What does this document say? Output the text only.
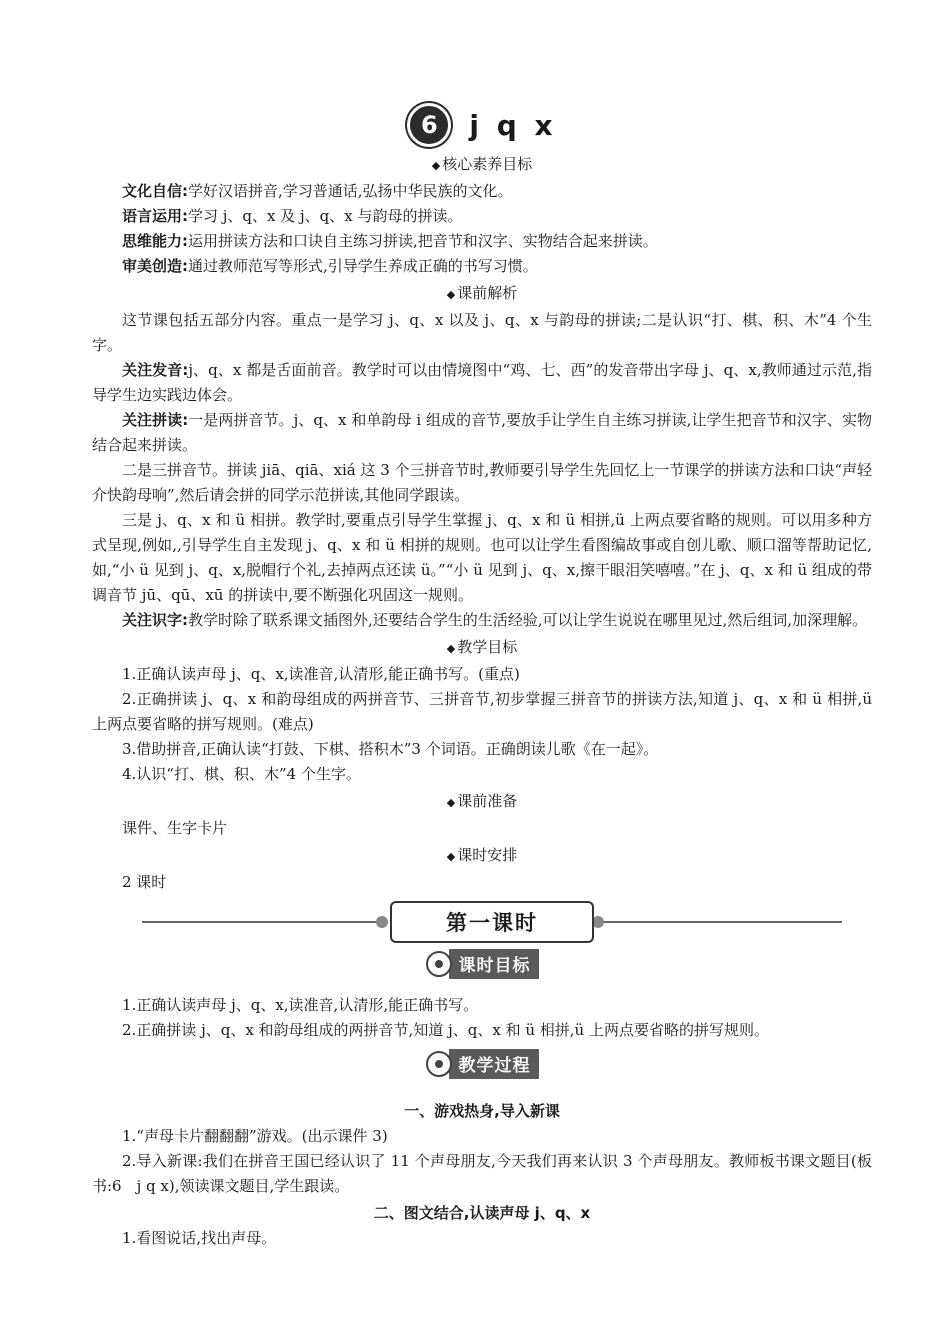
6	j q x
◆ 核心素养目标

文化自信:学好汉语拼音,学习普通话,弘扬中华民族的文化。

语言运用:学习 j、q、x 及 j、q、x 与韵母的拼读。

思维能力:运用拼读方法和口诀自主练习拼读,把音节和汉字、实物结合起来拼读。

审美创造:通过教师范写等形式,引导学生养成正确的书写习惯。

◆ 课前解析

这节课包括五部分内容。重点一是学习 j、q、x 以及 j、q、x 与韵母的拼读;二是认识“打、棋、积、木”4 个生字。

关注发音:j、q、x 都是舌面前音。教学时可以由情境图中“鸡、七、西”的发音带出字母 j、q、x,教师通过示范,指导学生边实践边体会。

关注拼读:一是两拼音节。j、q、x 和单韵母 i 组成的音节,要放手让学生自主练习拼读,让学生把音节和汉字、实物结合起来拼读。

二是三拼音节。拼读 jiā、qiā、xiá 这 3 个三拼音节时,教师要引导学生先回忆上一节课学的拼读方法和口诀“声轻介快韵母响”,然后请会拼的同学示范拼读,其他同学跟读。

三是 j、q、x 和 ü 相拼。教学时,要重点引导学生掌握 j、q、x 和 ü 相拼,ü 上两点要省略的规则。可以用多种方式呈现,例如,,引导学生自主发现 j、q、x 和 ü 相拼的规则。也可以让学生看图编故事或自创儿歌、顺口溜等帮助记忆,如,“小 ü 见到 j、q、x,脱帽行个礼,去掉两点还读 ü。”“小 ü 见到 j、q、x,擦干眼泪笑嘻嘻。”在 j、q、x 和 ü 组成的带调音节 jū、qū、xū 的拼读中,要不断强化巩固这一规则。

关注识字:教学时除了联系课文插图外,还要结合学生的生活经验,可以让学生说说在哪里见过,然后组词,加深理解。

◆ 教学目标

1.正确认读声母 j、q、x,读准音,认清形,能正确书写。(重点)

2.正确拼读 j、q、x 和韵母组成的两拼音节、三拼音节,初步掌握三拼音节的拼读方法,知道 j、q、x 和 ü 相拼,ü 上两点要省略的拼写规则。(难点)

3.借助拼音,正确认读“打鼓、下棋、搭积木”3 个词语。正确朗读儿歌《在一起》。

4.认识“打、棋、积、木”4 个生字。

◆ 课前准备

课件、生字卡片

◆ 课时安排

2 课时

第一课时
课时目标

1.正确认读声母 j、q、x,读准音,认清形,能正确书写。

2.正确拼读 j、q、x 和韵母组成的两拼音节,知道 j、q、x 和 ü 相拼,ü 上两点要省略的拼写规则。

教学过程
一、游戏热身,导入新课

1.“声母卡片翻翻翻”游戏。(出示课件 3)

2.导入新课:我们在拼音王国已经认识了 11 个声母朋友,今天我们再来认识 3 个声母朋友。教师板书课文题目(板书:6　j q x),领读课文题目,学生跟读。

二、图文结合,认读声母 j、q、x

1.看图说话,找出声母。
